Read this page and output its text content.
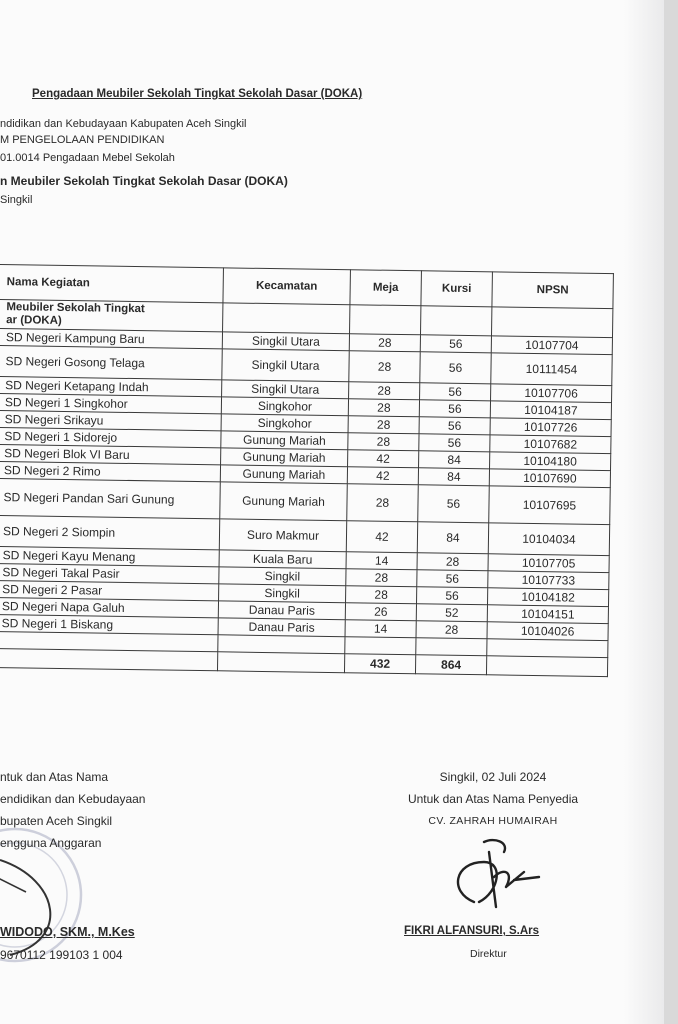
Pengadaan Meubiler Sekolah Tingkat Sekolah Dasar (DOKA)
ndidikan dan Kebudayaan Kabupaten Aceh Singkil
M PENGELOLAAN PENDIDIKAN
01.0014 Pengadaan Mebel Sekolah
n Meubiler Sekolah Tingkat Sekolah Dasar (DOKA)
Singkil
Nama Kegiatan	Kecamatan	Meja	Kursi	NPSN
Meubiler Sekolah Tingkat
ar (DOKA)				
SD Negeri Kampung Baru	Singkil Utara	28	56	10107704
SD Negeri Gosong Telaga	Singkil Utara	28	56	10111454
SD Negeri Ketapang Indah	Singkil Utara	28	56	10107706
SD Negeri 1 Singkohor	Singkohor	28	56	10104187
SD Negeri Srikayu	Singkohor	28	56	10107726
SD Negeri 1 Sidorejo	Gunung Mariah	28	56	10107682
SD Negeri Blok VI Baru	Gunung Mariah	42	84	10104180
SD Negeri 2 Rimo	Gunung Mariah	42	84	10107690
SD Negeri Pandan Sari Gunung	Gunung Mariah	28	56	10107695
SD Negeri 2 Siompin	Suro Makmur	42	84	10104034
SD Negeri Kayu Menang	Kuala Baru	14	28	10107705
SD Negeri Takal Pasir	Singkil	28	56	10107733
SD Negeri 2 Pasar	Singkil	28	56	10104182
SD Negeri Napa Galuh	Danau Paris	26	52	10104151
SD Negeri 1 Biskang	Danau Paris	14	28	10104026

		432	864	
ntuk dan Atas Nama
endidikan dan Kebudayaan
bupaten Aceh Singkil
engguna Anggaran
Singkil, 02 Juli 2024
Untuk dan Atas Nama Penyedia
CV. ZAHRAH HUMAIRAH
WIDODO, SKM., M.Kes
9670112 199103 1 004
FIKRI ALFANSURI, S.Ars
Direktur
